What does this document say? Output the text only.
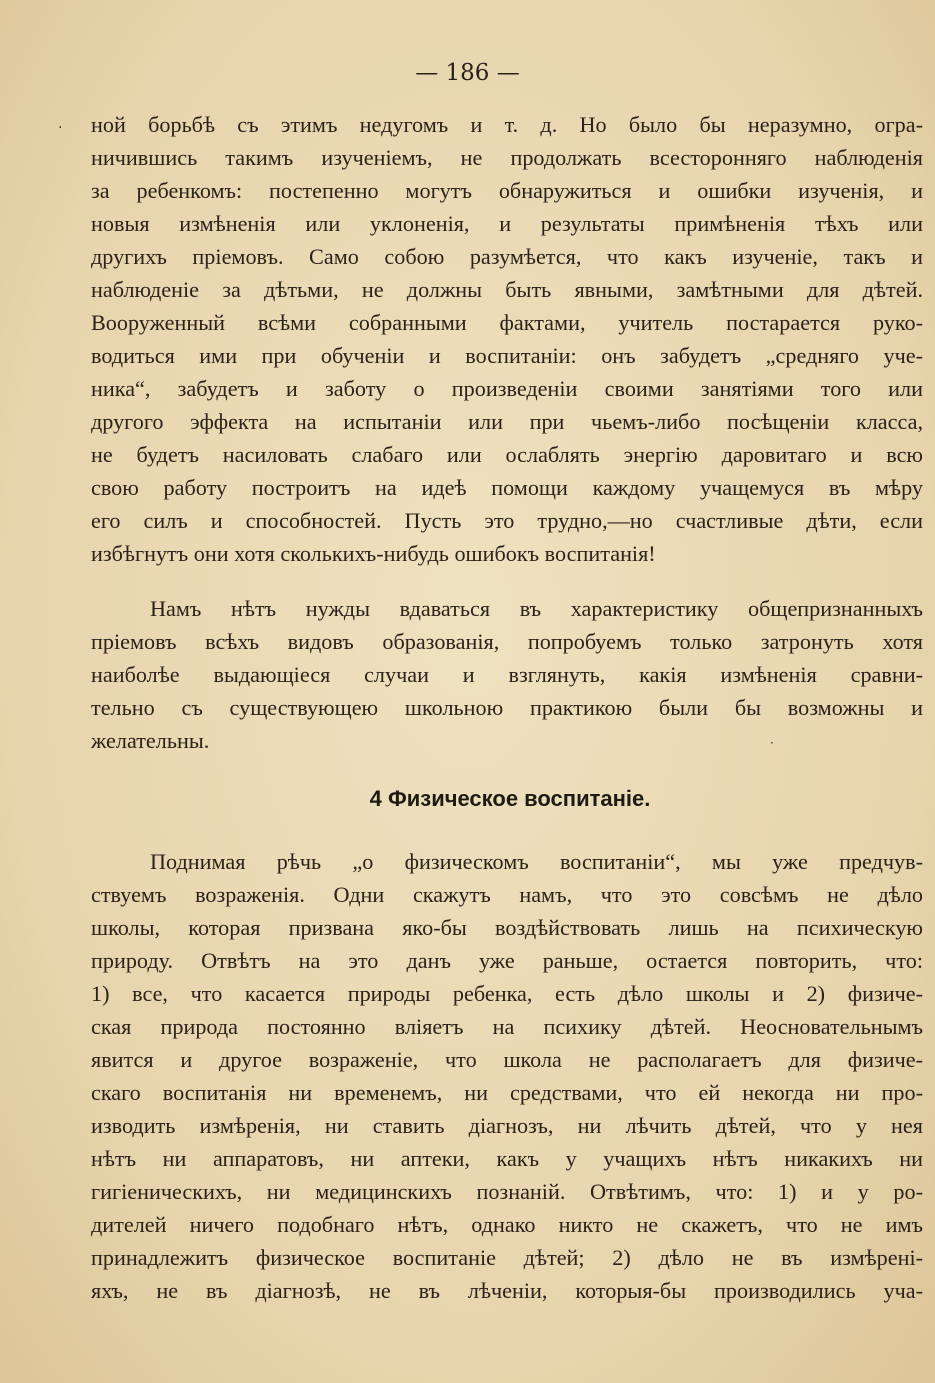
— 186 —
·
·
ной борьбѣ съ этимъ недугомъ и т. д. Но было бы неразумно, огра-
ничившись такимъ изученіемъ, не продолжать всесторонняго наблюденія
за ребенкомъ: постепенно могутъ обнаружиться и ошибки изученія, и
новыя измѣненія или уклоненія, и результаты примѣненія тѣхъ или
другихъ пріемовъ. Само собою разумѣется, что какъ изученіе, такъ и
наблюденіе за дѣтьми, не должны быть явными, замѣтными для дѣтей.
Вооруженный всѣми собранными фактами, учитель постарается руко-
водиться ими при обученіи и воспитаніи: онъ забудетъ „средняго уче-
ника“, забудетъ и заботу о произведеніи своими занятіями того или
другого эффекта на испытаніи или при чьемъ-либо посѣщеніи класса,
не будетъ насиловать слабаго или ослаблять энергію даровитаго и всю
свою работу построитъ на идеѣ помощи каждому учащемуся въ мѣру
его силъ и способностей. Пусть это трудно,—но счастливые дѣти, если
избѣгнутъ они хотя сколькихъ-нибудь ошибокъ воспитанія!
Намъ нѣтъ нужды вдаваться въ характеристику общепризнанныхъ
пріемовъ всѣхъ видовъ образованія, попробуемъ только затронуть хотя
наиболѣе выдающіеся случаи и взглянуть, какія измѣненія сравни-
тельно съ существующею школьною практикою были бы возможны и
желательны.
4 Физическое воспитаніе.
Поднимая рѣчь „о физическомъ воспитаніи“, мы уже предчув-
ствуемъ возраженія. Одни скажутъ намъ, что это совсѣмъ не дѣло
школы, которая призвана яко-бы воздѣйствовать лишь на психическую
природу. Отвѣтъ на это данъ уже раньше, остается повторить, что:
1) все, что касается природы ребенка, есть дѣло школы и 2) физиче-
ская природа постоянно вліяетъ на психику дѣтей. Неосновательнымъ
явится и другое возраженіе, что школа не располагаетъ для физиче-
скаго воспитанія ни временемъ, ни средствами, что ей некогда ни про-
изводить измѣренія, ни ставить діагнозъ, ни лѣчить дѣтей, что у нея
нѣтъ ни аппаратовъ, ни аптеки, какъ у учащихъ нѣтъ никакихъ ни
гигіеническихъ, ни медицинскихъ познаній. Отвѣтимъ, что: 1) и у ро-
дителей ничего подобнаго нѣтъ, однако никто не скажетъ, что не имъ
принадлежитъ физическое воспитаніе дѣтей; 2) дѣло не въ измѣрені-
яхъ, не въ діагнозѣ, не въ лѣченіи, которыя-бы производились уча-
